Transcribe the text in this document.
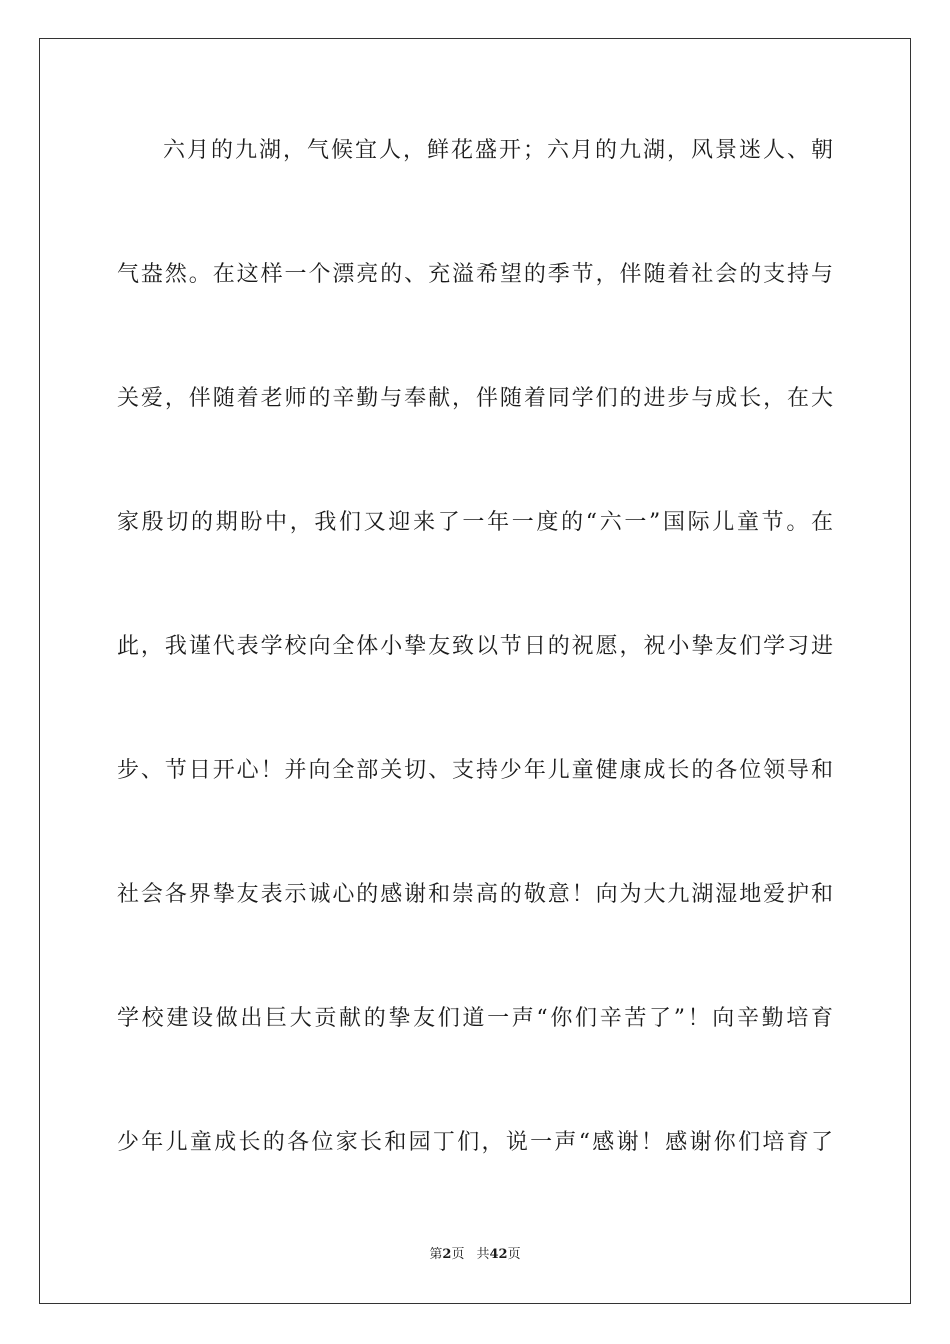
六月的九湖，气候宜人，鲜花盛开；六月的九湖，风景迷人、朝

气盎然。在这样一个漂亮的、充溢希望的季节，伴随着社会的支持与

关爱，伴随着老师的辛勤与奉献，伴随着同学们的进步与成长，在大

家殷切的期盼中，我们又迎来了一年一度的“六一”国际儿童节。在

此，我谨代表学校向全体小挚友致以节日的祝愿，祝小挚友们学习进

步、节日开心！并向全部关切、支持少年儿童健康成长的各位领导和

社会各界挚友表示诚心的感谢和崇高的敬意！向为大九湖湿地爱护和

学校建设做出巨大贡献的挚友们道一声“你们辛苦了”！向辛勤培育

少年儿童成长的各位家长和园丁们，说一声“感谢！感谢你们培育了

第2页 共42页
